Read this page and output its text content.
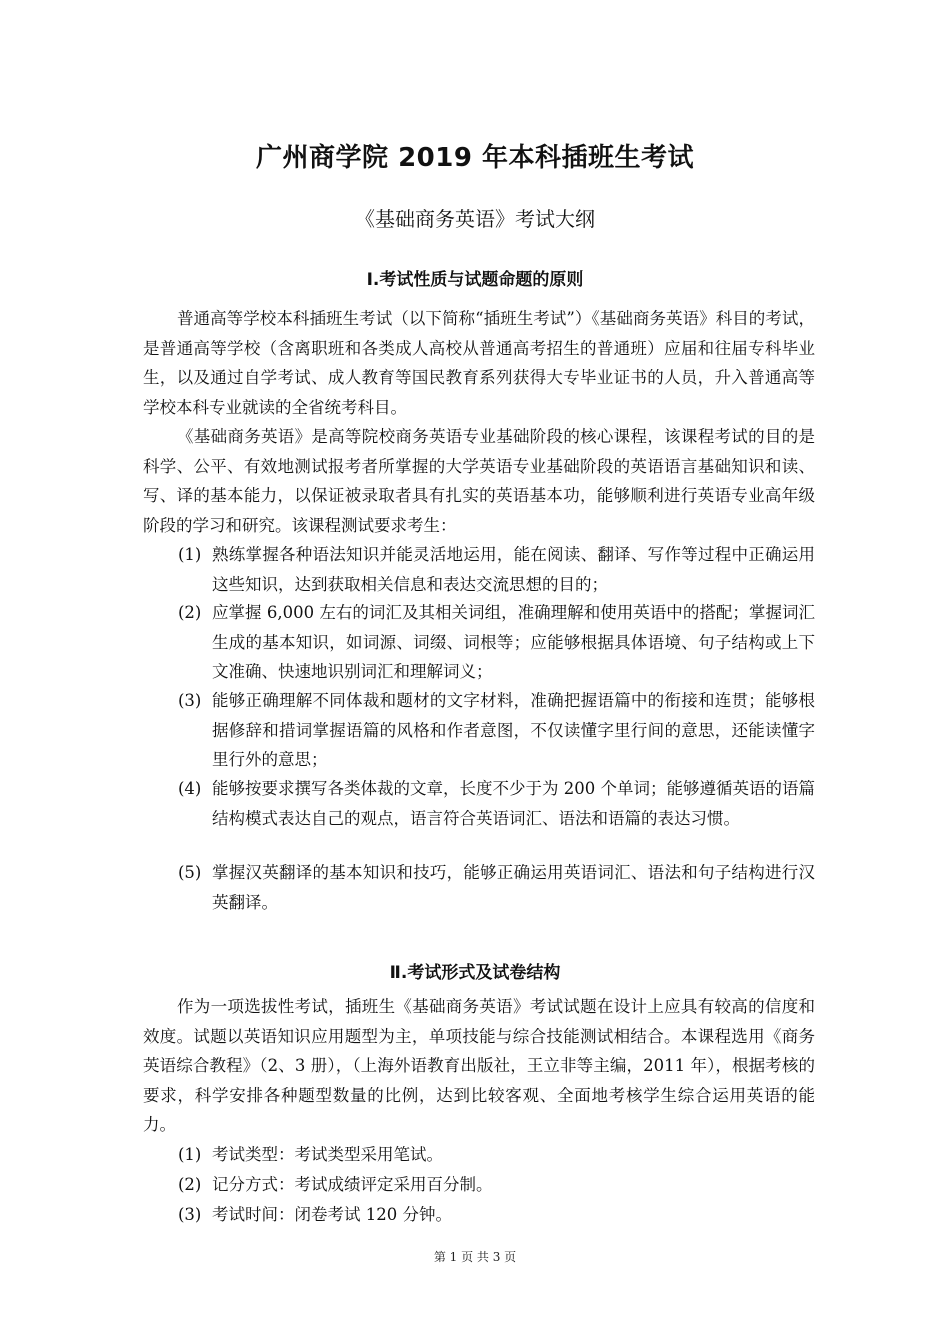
广州商学院 2019 年本科插班生考试
《基础商务英语》考试大纲
Ⅰ.考试性质与试题命题的原则

普通高等学校本科插班生考试（以下简称“插班生考试”）《基础商务英语》科目的考试，是普通高等学校（含离职班和各类成人高校从普通高考招生的普通班）应届和往届专科毕业生，以及通过自学考试、成人教育等国民教育系列获得大专毕业证书的人员，升入普通高等学校本科专业就读的全省统考科目。

《基础商务英语》是高等院校商务英语专业基础阶段的核心课程，该课程考试的目的是科学、公平、有效地测试报考者所掌握的大学英语专业基础阶段的英语语言基础知识和读、写、译的基本能力，以保证被录取者具有扎实的英语基本功，能够顺利进行英语专业高年级阶段的学习和研究。该课程测试要求考生：

(1) 熟练掌握各种语法知识并能灵活地运用，能在阅读、翻译、写作等过程中正确运用这些知识，达到获取相关信息和表达交流思想的目的；
(2) 应掌握 6,000 左右的词汇及其相关词组，准确理解和使用英语中的搭配；掌握词汇生成的基本知识，如词源、词缀、词根等；应能够根据具体语境、句子结构或上下文准确、快速地识别词汇和理解词义；
(3) 能够正确理解不同体裁和题材的文字材料，准确把握语篇中的衔接和连贯；能够根据修辞和措词掌握语篇的风格和作者意图，不仅读懂字里行间的意思，还能读懂字里行外的意思；
(4) 能够按要求撰写各类体裁的文章，长度不少于为 200 个单词；能够遵循英语的语篇结构模式表达自己的观点，语言符合英语词汇、语法和语篇的表达习惯。
(5) 掌握汉英翻译的基本知识和技巧，能够正确运用英语词汇、语法和句子结构进行汉英翻译。
Ⅱ.考试形式及试卷结构

作为一项选拔性考试，插班生《基础商务英语》考试试题在设计上应具有较高的信度和效度。试题以英语知识应用题型为主，单项技能与综合技能测试相结合。本课程选用《商务英语综合教程》（2、3 册），（上海外语教育出版社，王立非等主编，2011 年），根据考核的要求，科学安排各种题型数量的比例，达到比较客观、全面地考核学生综合运用英语的能力。

(1) 考试类型：考试类型采用笔试。
(2) 记分方式：考试成绩评定采用百分制。
(3) 考试时间：闭卷考试 120 分钟。
第 1 页 共 3 页
